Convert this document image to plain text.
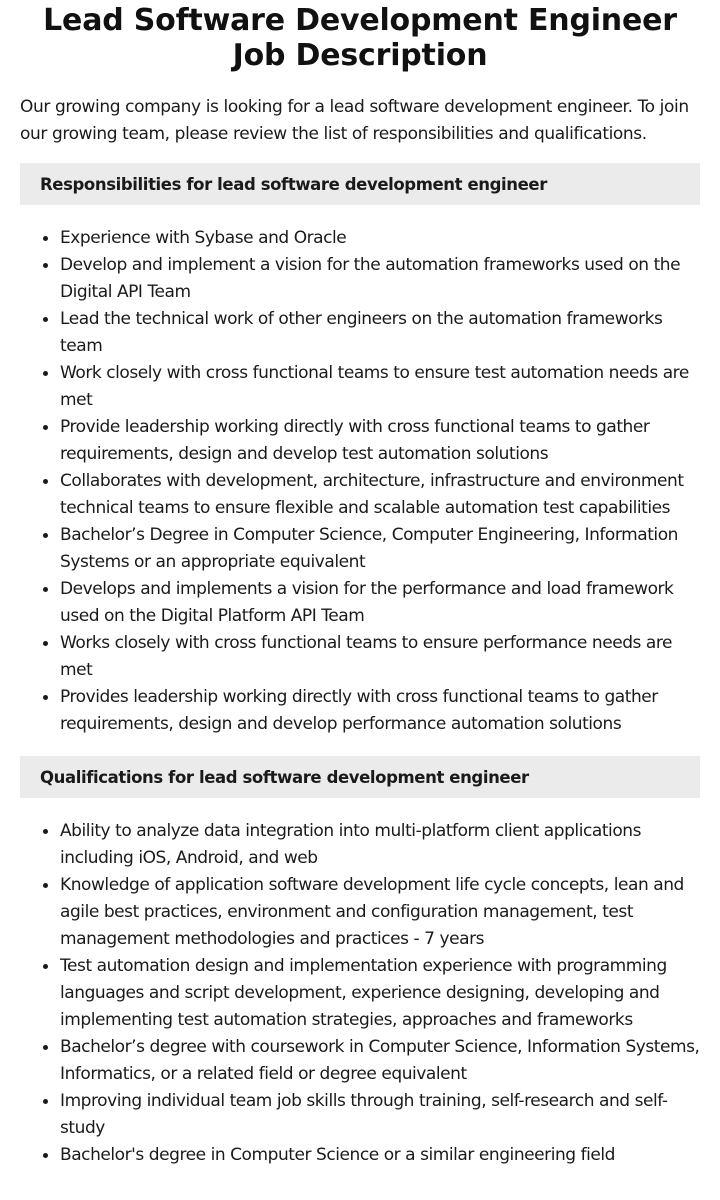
Lead Software Development Engineer Job Description

Our growing company is looking for a lead software development engineer. To join our growing team, please review the list of responsibilities and qualifications.

Responsibilities for lead software development engineer
Experience with Sybase and Oracle
Develop and implement a vision for the automation frameworks used on the Digital API Team
Lead the technical work of other engineers on the automation frameworks team
Work closely with cross functional teams to ensure test automation needs are met
Provide leadership working directly with cross functional teams to gather requirements, design and develop test automation solutions
Collaborates with development, architecture, infrastructure and environment technical teams to ensure flexible and scalable automation test capabilities
Bachelor’s Degree in Computer Science, Computer Engineering, Information Systems or an appropriate equivalent
Develops and implements a vision for the performance and load framework used on the Digital Platform API Team
Works closely with cross functional teams to ensure performance needs are met
Provides leadership working directly with cross functional teams to gather requirements, design and develop performance automation solutions
Qualifications for lead software development engineer
Ability to analyze data integration into multi-platform client applications including iOS, Android, and web
Knowledge of application software development life cycle concepts, lean and agile best practices, environment and configuration management, test management methodologies and practices - 7 years
Test automation design and implementation experience with programming languages and script development, experience designing, developing and implementing test automation strategies, approaches and frameworks
Bachelor’s degree with coursework in Computer Science, Information Systems, Informatics, or a related field or degree equivalent
Improving individual team job skills through training, self-research and self-study
Bachelor's degree in Computer Science or a similar engineering field
